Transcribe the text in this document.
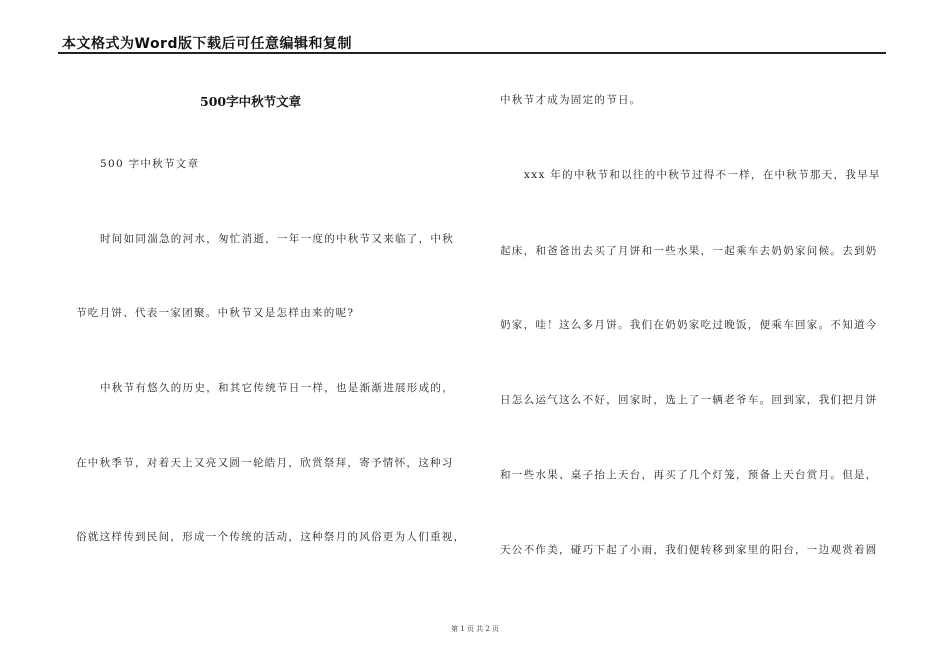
本文格式为Word版下载后可任意编辑和复制
500字中秋节文章
500 字中秋节文章
时间如同湍急的河水，匆忙消逝，一年一度的中秋节又来临了，中秋
节吃月饼、代表一家团聚。中秋节又是怎样由来的呢?
中秋节有悠久的历史，和其它传统节日一样，也是渐渐进展形成的，
在中秋季节，对着天上又亮又圆一轮皓月，欣赏祭拜，寄予情怀，这种习
俗就这样传到民间，形成一个传统的活动，这种祭月的风俗更为人们重视，
中秋节才成为固定的节日。
xxx 年的中秋节和以往的中秋节过得不一样，在中秋节那天，我早早
起床，和爸爸出去买了月饼和一些水果，一起乘车去奶奶家问候。去到奶
奶家，哇！这么多月饼。我们在奶奶家吃过晚饭，便乘车回家。不知道今
日怎么运气这么不好，回家时，选上了一辆老爷车。回到家，我们把月饼
和一些水果、桌子抬上天台，再买了几个灯笼，预备上天台赏月。但是，
天公不作美，碰巧下起了小雨，我们便转移到家里的阳台，一边观赏着圆
第 1 页 共 2 页
